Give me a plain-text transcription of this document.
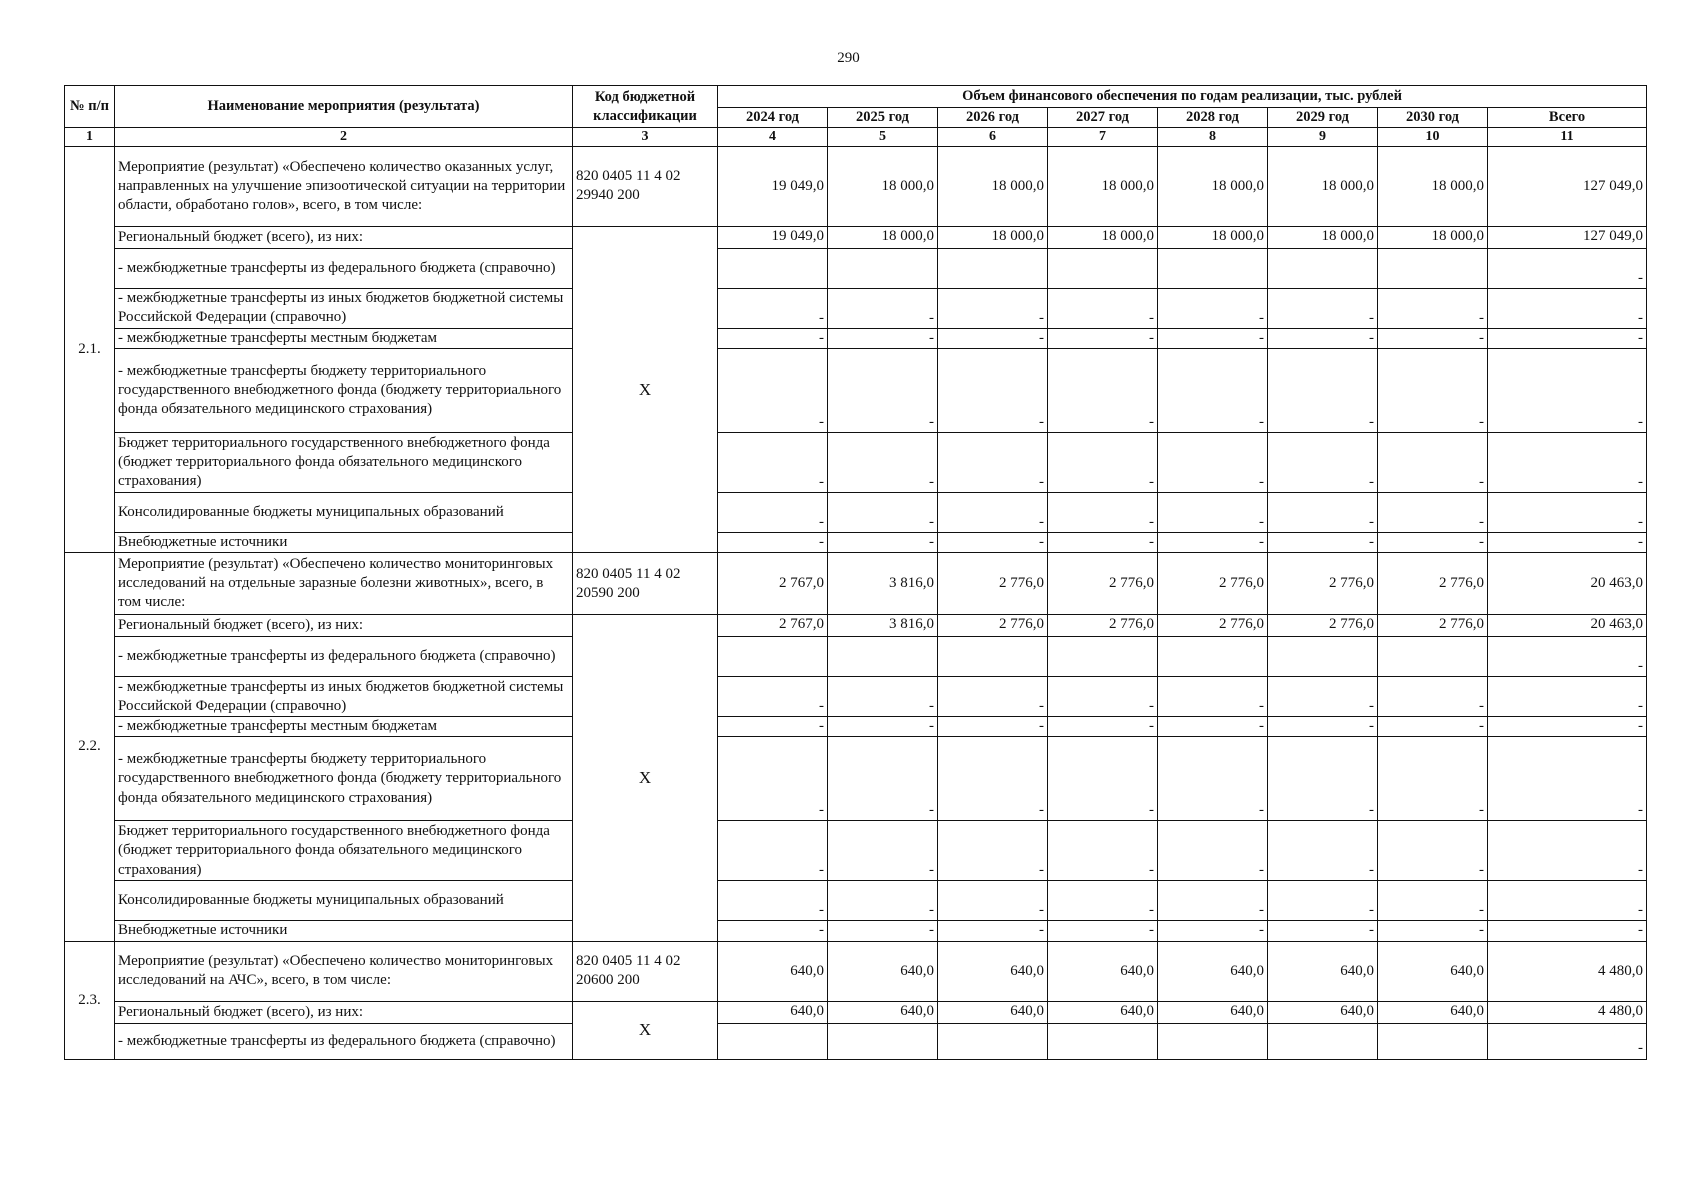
290
№ п/п	Наименование мероприятия (результата)	Код бюджетной классификации	Объем финансового обеспечения по годам реализации, тыс. рублей							
			2024 год	2025 год	2026 год	2027 год	2028 год	2029 год	2030 год	Всего
1	2	3	4	5	6	7	8	9	10	11
2.1.	Мероприятие (результат) «Обеспечено количество оказанных услуг, направленных на улучшение эпизоотической ситуации на территории области, обработано голов», всего, в том числе:	820 0405 11 4 02 29940 200	19 049,0	18 000,0	18 000,0	18 000,0	18 000,0	18 000,0	18 000,0	127 049,0
	Региональный бюджет (всего), из них:	X	19 049,0	18 000,0	18 000,0	18 000,0	18 000,0	18 000,0	18 000,0	127 049,0
	- межбюджетные трансферты из федерального бюджета (справочно)									-
	- межбюджетные трансферты из иных бюджетов бюджетной системы Российской Федерации (справочно)		-	-	-	-	-	-	-	-
	- межбюджетные трансферты местным бюджетам		-	-	-	-	-	-	-	-
	- межбюджетные трансферты бюджету территориального государственного внебюджетного фонда (бюджету территориального фонда обязательного медицинского страхования)		-	-	-	-	-	-	-	-
	Бюджет территориального государственного внебюджетного фонда (бюджет территориального фонда обязательного медицинского страхования)		-	-	-	-	-	-	-	-
	Консолидированные бюджеты муниципальных образований		-	-	-	-	-	-	-	-
	Внебюджетные источники		-	-	-	-	-	-	-	-
2.2.	Мероприятие (результат) «Обеспечено количество мониторинговых исследований на отдельные заразные болезни животных», всего, в том числе:	820 0405 11 4 02 20590 200	2 767,0	3 816,0	2 776,0	2 776,0	2 776,0	2 776,0	2 776,0	20 463,0
	Региональный бюджет (всего), из них:	X	2 767,0	3 816,0	2 776,0	2 776,0	2 776,0	2 776,0	2 776,0	20 463,0
	- межбюджетные трансферты из федерального бюджета (справочно)									-
	- межбюджетные трансферты из иных бюджетов бюджетной системы Российской Федерации (справочно)		-	-	-	-	-	-	-	-
	- межбюджетные трансферты местным бюджетам		-	-	-	-	-	-	-	-
	- межбюджетные трансферты бюджету территориального государственного внебюджетного фонда (бюджету территориального фонда обязательного медицинского страхования)		-	-	-	-	-	-	-	-
	Бюджет территориального государственного внебюджетного фонда (бюджет территориального фонда обязательного медицинского страхования)		-	-	-	-	-	-	-	-
	Консолидированные бюджеты муниципальных образований		-	-	-	-	-	-	-	-
	Внебюджетные источники		-	-	-	-	-	-	-	-
2.3.	Мероприятие (результат) «Обеспечено количество мониторинговых исследований на АЧС», всего, в том числе:	820 0405 11 4 02 20600 200	640,0	640,0	640,0	640,0	640,0	640,0	640,0	4 480,0
	Региональный бюджет (всего), из них:	X	640,0	640,0	640,0	640,0	640,0	640,0	640,0	4 480,0
	- межбюджетные трансферты из федерального бюджета (справочно)									-
